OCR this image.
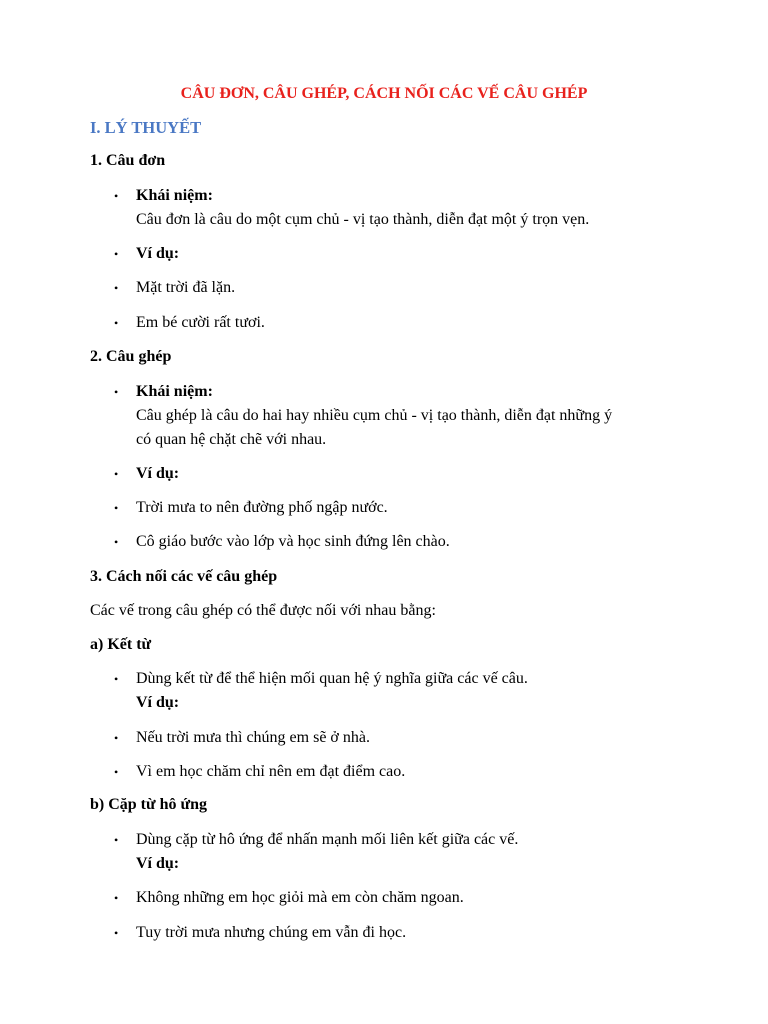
CÂU ĐƠN, CÂU GHÉP, CÁCH NỐI CÁC VẾ CÂU GHÉP
I. LÝ THUYẾT
1. Câu đơn
• Khái niệm:
Câu đơn là câu do một cụm chủ - vị tạo thành, diễn đạt một ý trọn vẹn.
• Ví dụ:
• Mặt trời đã lặn.
• Em bé cười rất tươi.
2. Câu ghép
• Khái niệm:
Câu ghép là câu do hai hay nhiều cụm chủ - vị tạo thành, diễn đạt những ý
có quan hệ chặt chẽ với nhau.
• Ví dụ:
• Trời mưa to nên đường phố ngập nước.
• Cô giáo bước vào lớp và học sinh đứng lên chào.
3. Cách nối các vế câu ghép
Các vế trong câu ghép có thể được nối với nhau bằng:
a) Kết từ
• Dùng kết từ để thể hiện mối quan hệ ý nghĩa giữa các vế câu.
Ví dụ:
• Nếu trời mưa thì chúng em sẽ ở nhà.
• Vì em học chăm chỉ nên em đạt điểm cao.
b) Cặp từ hô ứng
• Dùng cặp từ hô ứng để nhấn mạnh mối liên kết giữa các vế.
Ví dụ:
• Không những em học giỏi mà em còn chăm ngoan.
• Tuy trời mưa nhưng chúng em vẫn đi học.
